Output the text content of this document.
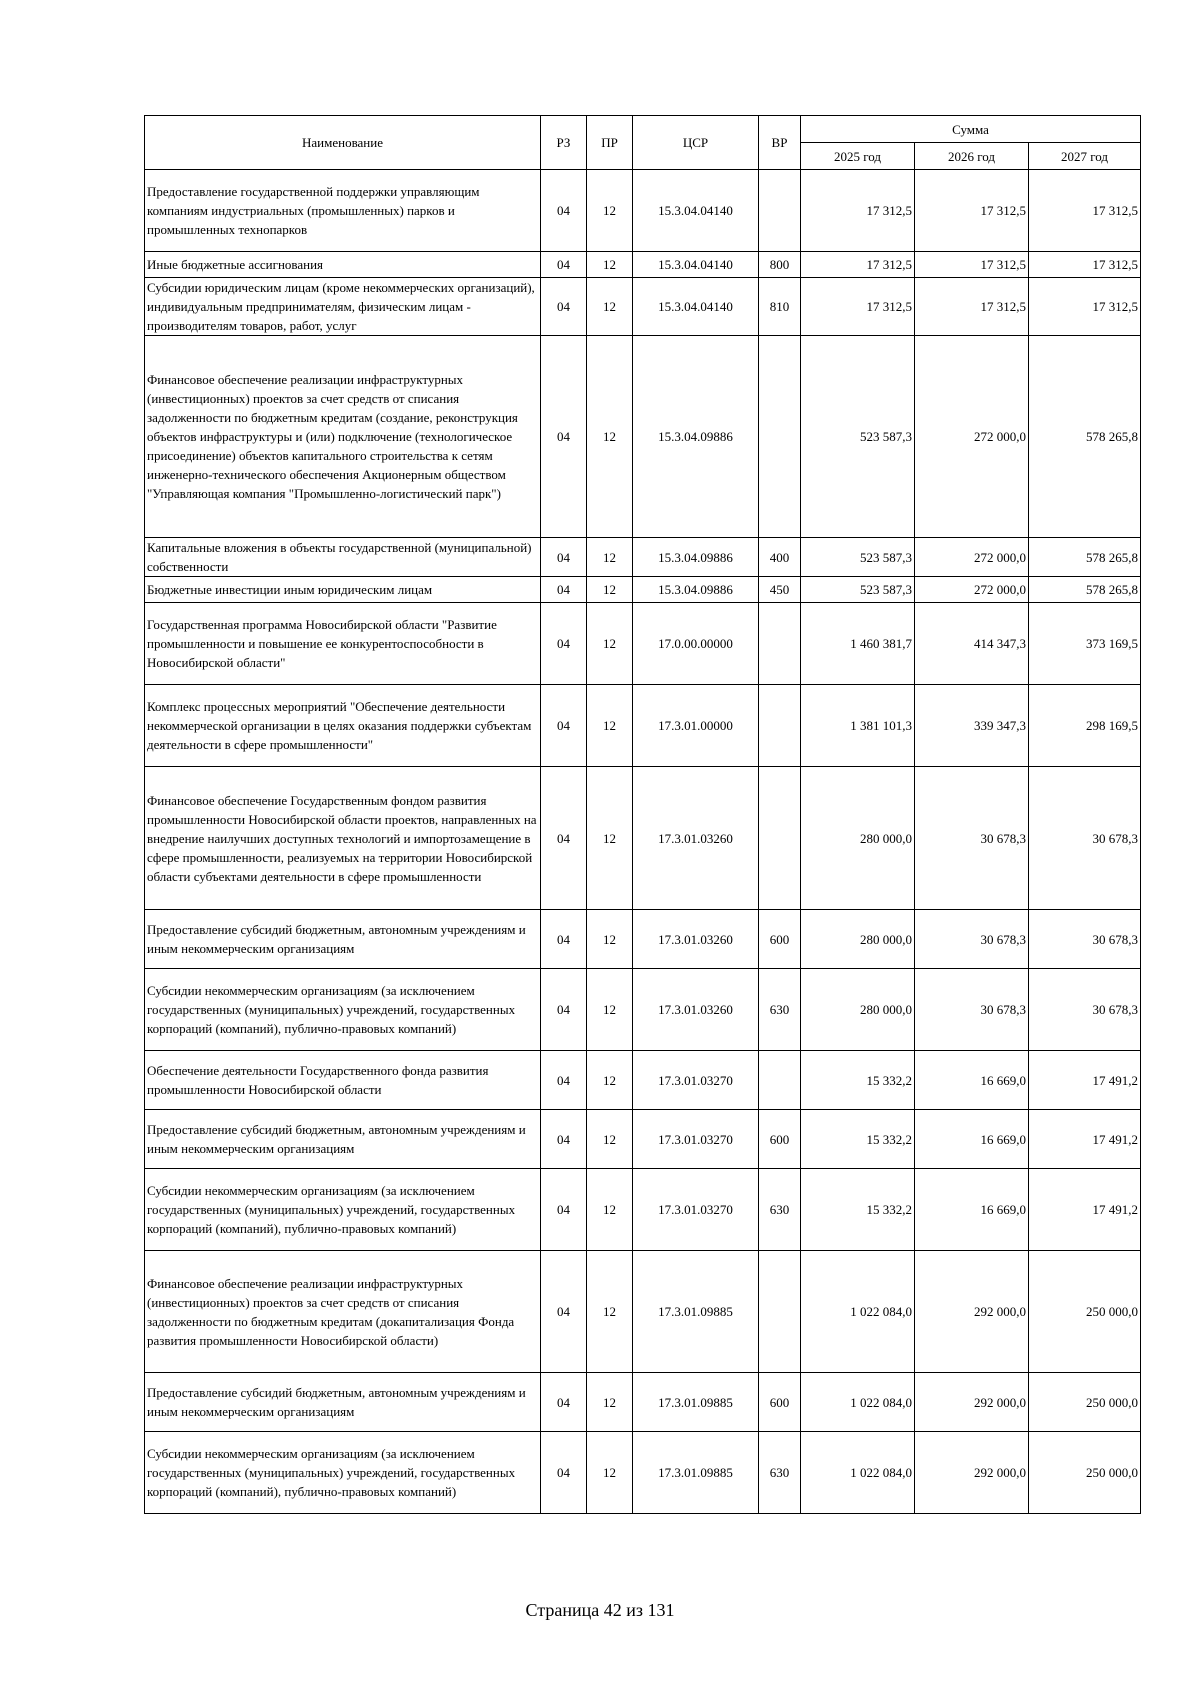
Наименование	РЗ	ПР	ЦСР	ВР	Сумма		
					2025 год	2026 год	2027 год
Предоставление государственной поддержки управляющим компаниям индустриальных (промышленных) парков и промышленных технопарков	04	12	15.3.04.04140		17 312,5	17 312,5	17 312,5
Иные бюджетные ассигнования	04	12	15.3.04.04140	800	17 312,5	17 312,5	17 312,5
Субсидии юридическим лицам (кроме некоммерческих организаций), индивидуальным предпринимателям, физическим лицам - производителям товаров, работ, услуг	04	12	15.3.04.04140	810	17 312,5	17 312,5	17 312,5
Финансовое обеспечение реализации инфраструктурных (инвестиционных) проектов за счет средств от списания задолженности по бюджетным кредитам (создание, реконструкция объектов инфраструктуры и (или) подключение (технологическое присоединение) объектов капитального строительства к сетям инженерно-технического обеспечения Акционерным обществом "Управляющая компания "Промышленно-логистический парк")	04	12	15.3.04.09886		523 587,3	272 000,0	578 265,8
Капитальные вложения в объекты государственной (муниципальной) собственности	04	12	15.3.04.09886	400	523 587,3	272 000,0	578 265,8
Бюджетные инвестиции иным юридическим лицам	04	12	15.3.04.09886	450	523 587,3	272 000,0	578 265,8
Государственная программа Новосибирской области "Развитие промышленности и повышение ее конкурентоспособности в Новосибирской области"	04	12	17.0.00.00000		1 460 381,7	414 347,3	373 169,5
Комплекс процессных мероприятий "Обеспечение деятельности некоммерческой организации в целях оказания поддержки субъектам деятельности в сфере промышленности"	04	12	17.3.01.00000		1 381 101,3	339 347,3	298 169,5
Финансовое обеспечение Государственным фондом развития промышленности Новосибирской области проектов, направленных на внедрение наилучших доступных технологий и импортозамещение в сфере промышленности, реализуемых на территории Новосибирской области субъектами деятельности в сфере промышленности	04	12	17.3.01.03260		280 000,0	30 678,3	30 678,3
Предоставление субсидий бюджетным, автономным учреждениям и иным некоммерческим организациям	04	12	17.3.01.03260	600	280 000,0	30 678,3	30 678,3
Субсидии некоммерческим организациям (за исключением государственных (муниципальных) учреждений, государственных корпораций (компаний), публично-правовых компаний)	04	12	17.3.01.03260	630	280 000,0	30 678,3	30 678,3
Обеспечение деятельности Государственного фонда развития промышленности Новосибирской области	04	12	17.3.01.03270		15 332,2	16 669,0	17 491,2
Предоставление субсидий бюджетным, автономным учреждениям и иным некоммерческим организациям	04	12	17.3.01.03270	600	15 332,2	16 669,0	17 491,2
Субсидии некоммерческим организациям (за исключением государственных (муниципальных) учреждений, государственных корпораций (компаний), публично-правовых компаний)	04	12	17.3.01.03270	630	15 332,2	16 669,0	17 491,2
Финансовое обеспечение реализации инфраструктурных (инвестиционных) проектов за счет средств от списания задолженности по бюджетным кредитам (докапитализация Фонда развития промышленности Новосибирской области)	04	12	17.3.01.09885		1 022 084,0	292 000,0	250 000,0
Предоставление субсидий бюджетным, автономным учреждениям и иным некоммерческим организациям	04	12	17.3.01.09885	600	1 022 084,0	292 000,0	250 000,0
Субсидии некоммерческим организациям (за исключением государственных (муниципальных) учреждений, государственных корпораций (компаний), публично-правовых компаний)	04	12	17.3.01.09885	630	1 022 084,0	292 000,0	250 000,0
Страница 42 из 131
